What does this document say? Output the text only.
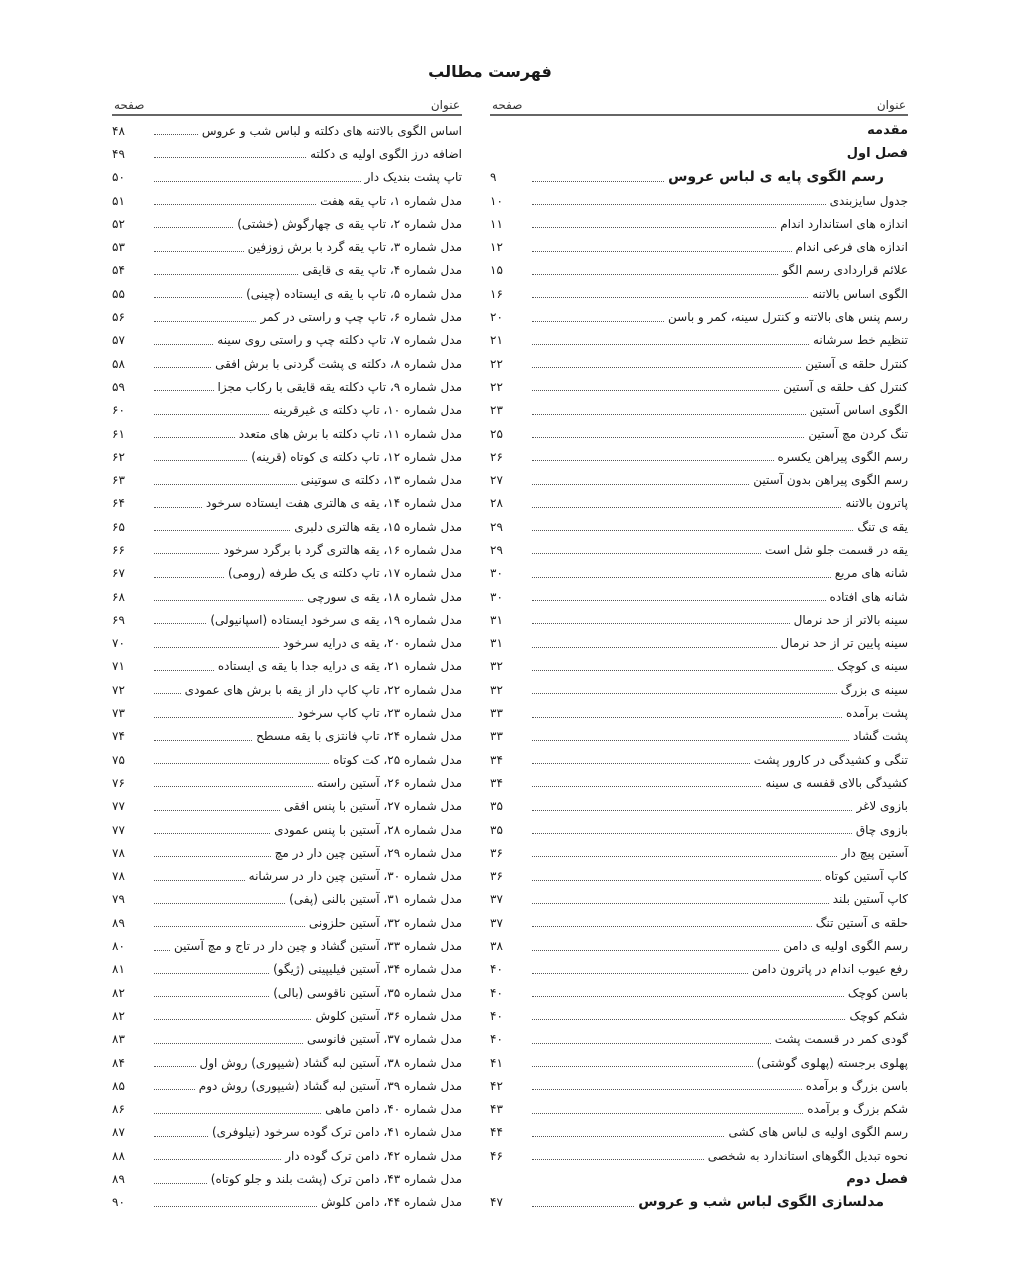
فهرست مطالب
عنوان
صفحه
مقدمه
فصل اول
رسم الگوی پایه ی لباس عروس
۹
جدول سایزبندی
۱۰
اندازه های استاندارد اندام
۱۱
اندازه های فرعی اندام
۱۲
علائم قراردادی رسم الگو
۱۵
الگوی اساس بالاتنه
۱۶
رسم پنس های بالاتنه و کنترل سینه، کمر و باسن
۲۰
تنظیم خط سرشانه
۲۱
کنترل حلقه ی آستین
۲۲
کنترل کف حلقه ی آستین
۲۲
الگوی اساس آستین
۲۳
تنگ کردن مچ آستین
۲۵
رسم الگوی پیراهن یکسره
۲۶
رسم الگوی پیراهن بدون آستین
۲۷
پاترون بالاتنه
۲۸
یقه ی تنگ
۲۹
یقه در قسمت جلو شل است
۲۹
شانه های مربع
۳۰
شانه های افتاده
۳۰
سینه بالاتر از حد نرمال
۳۱
سینه پایین تر از حد نرمال
۳۱
سینه ی کوچک
۳۲
سینه ی بزرگ
۳۲
پشت برآمده
۳۳
پشت گشاد
۳۳
تنگی و کشیدگی در کارور پشت
۳۴
کشیدگی بالای قفسه ی سینه
۳۴
بازوی لاغر
۳۵
بازوی چاق
۳۵
آستین پیچ دار
۳۶
کاپ آستین کوتاه
۳۶
کاپ آستین بلند
۳۷
حلقه ی آستین تنگ
۳۷
رسم الگوی اولیه ی دامن
۳۸
رفع عیوب اندام در پاترون دامن
۴۰
باسن کوچک
۴۰
شکم کوچک
۴۰
گودی کمر در قسمت پشت
۴۰
پهلوی برجسته (پهلوی گوشتی)
۴۱
باسن بزرگ و برآمده
۴۲
شکم بزرگ و برآمده
۴۳
رسم الگوی اولیه ی لباس های کشی
۴۴
نحوه تبدیل الگوهای استاندارد به شخصی
۴۶
فصل دوم
مدلسازی الگوی لباس شب و عروس
۴۷
عنوان
صفحه
اساس الگوی بالاتنه های دکلته و لباس شب و عروس
۴۸
اضافه درز الگوی اولیه ی دکلته
۴۹
تاپ پشت بندیک دار
۵۰
مدل شماره ۱، تاپ یقه هفت
۵۱
مدل شماره ۲، تاپ یقه ی چهارگوش (خشتی)
۵۲
مدل شماره ۳، تاپ یقه گرد با برش زوزفین
۵۳
مدل شماره ۴، تاپ یقه ی قایقی
۵۴
مدل شماره ۵، تاپ با یقه ی ایستاده (چینی)
۵۵
مدل شماره ۶، تاپ چپ و راستی در کمر
۵۶
مدل شماره ۷، تاپ دکلته چپ و راستی روی سینه
۵۷
مدل شماره ۸، دکلته ی پشت گردنی با برش افقی
۵۸
مدل شماره ۹، تاپ دکلته یقه قایقی با رکاب مجزا
۵۹
مدل شماره ۱۰، تاپ دکلته ی غیرقرینه
۶۰
مدل شماره ۱۱، تاپ دکلته با برش های متعدد
۶۱
مدل شماره ۱۲، تاپ دکلته ی کوتاه (قرینه)
۶۲
مدل شماره ۱۳، دکلته ی سوتینی
۶۳
مدل شماره ۱۴، یقه ی هالتری هفت ایستاده سرخود
۶۴
مدل شماره ۱۵، یقه هالتری دلبری
۶۵
مدل شماره ۱۶، یقه هالتری گرد با برگرد سرخود
۶۶
مدل شماره ۱۷، تاپ دکلته ی یک طرفه (رومی)
۶۷
مدل شماره ۱۸، یقه ی سورچی
۶۸
مدل شماره ۱۹، یقه ی سرخود ایستاده (اسپانیولی)
۶۹
مدل شماره ۲۰، یقه ی درایه سرخود
۷۰
مدل شماره ۲۱، یقه ی درایه جدا با یقه ی ایستاده
۷۱
مدل شماره ۲۲، تاپ کاپ دار از یقه با برش های عمودی
۷۲
مدل شماره ۲۳، تاپ کاپ سرخود
۷۳
مدل شماره ۲۴، تاپ فانتزی با یقه مسطح
۷۴
مدل شماره ۲۵، کت کوتاه
۷۵
مدل شماره ۲۶، آستین راسته
۷۶
مدل شماره ۲۷، آستین با پنس افقی
۷۷
مدل شماره ۲۸، آستین با پنس عمودی
۷۷
مدل شماره ۲۹، آستین چین دار در مچ
۷۸
مدل شماره ۳۰، آستین چین دار در سرشانه
۷۸
مدل شماره ۳۱، آستین بالنی (پفی)
۷۹
مدل شماره ۳۲، آستین حلزونی
۸۹
مدل شماره ۳۳، آستین گشاد و چین دار در تاج و مچ آستین
۸۰
مدل شماره ۳۴، آستین فیلیپینی (ژیگو)
۸۱
مدل شماره ۳۵، آستین ناقوسی (بالی)
۸۲
مدل شماره ۳۶، آستین کلوش
۸۲
مدل شماره ۳۷، آستین فانوسی
۸۳
مدل شماره ۳۸، آستین لبه گشاد (شیپوری) روش اول
۸۴
مدل شماره ۳۹، آستین لبه گشاد (شیپوری) روش دوم
۸۵
مدل شماره ۴۰، دامن ماهی
۸۶
مدل شماره ۴۱، دامن ترک گوده سرخود (نیلوفری)
۸۷
مدل شماره ۴۲، دامن ترک گوده دار
۸۸
مدل شماره ۴۳، دامن ترک (پشت بلند و جلو کوتاه)
۸۹
مدل شماره ۴۴، دامن کلوش
۹۰
